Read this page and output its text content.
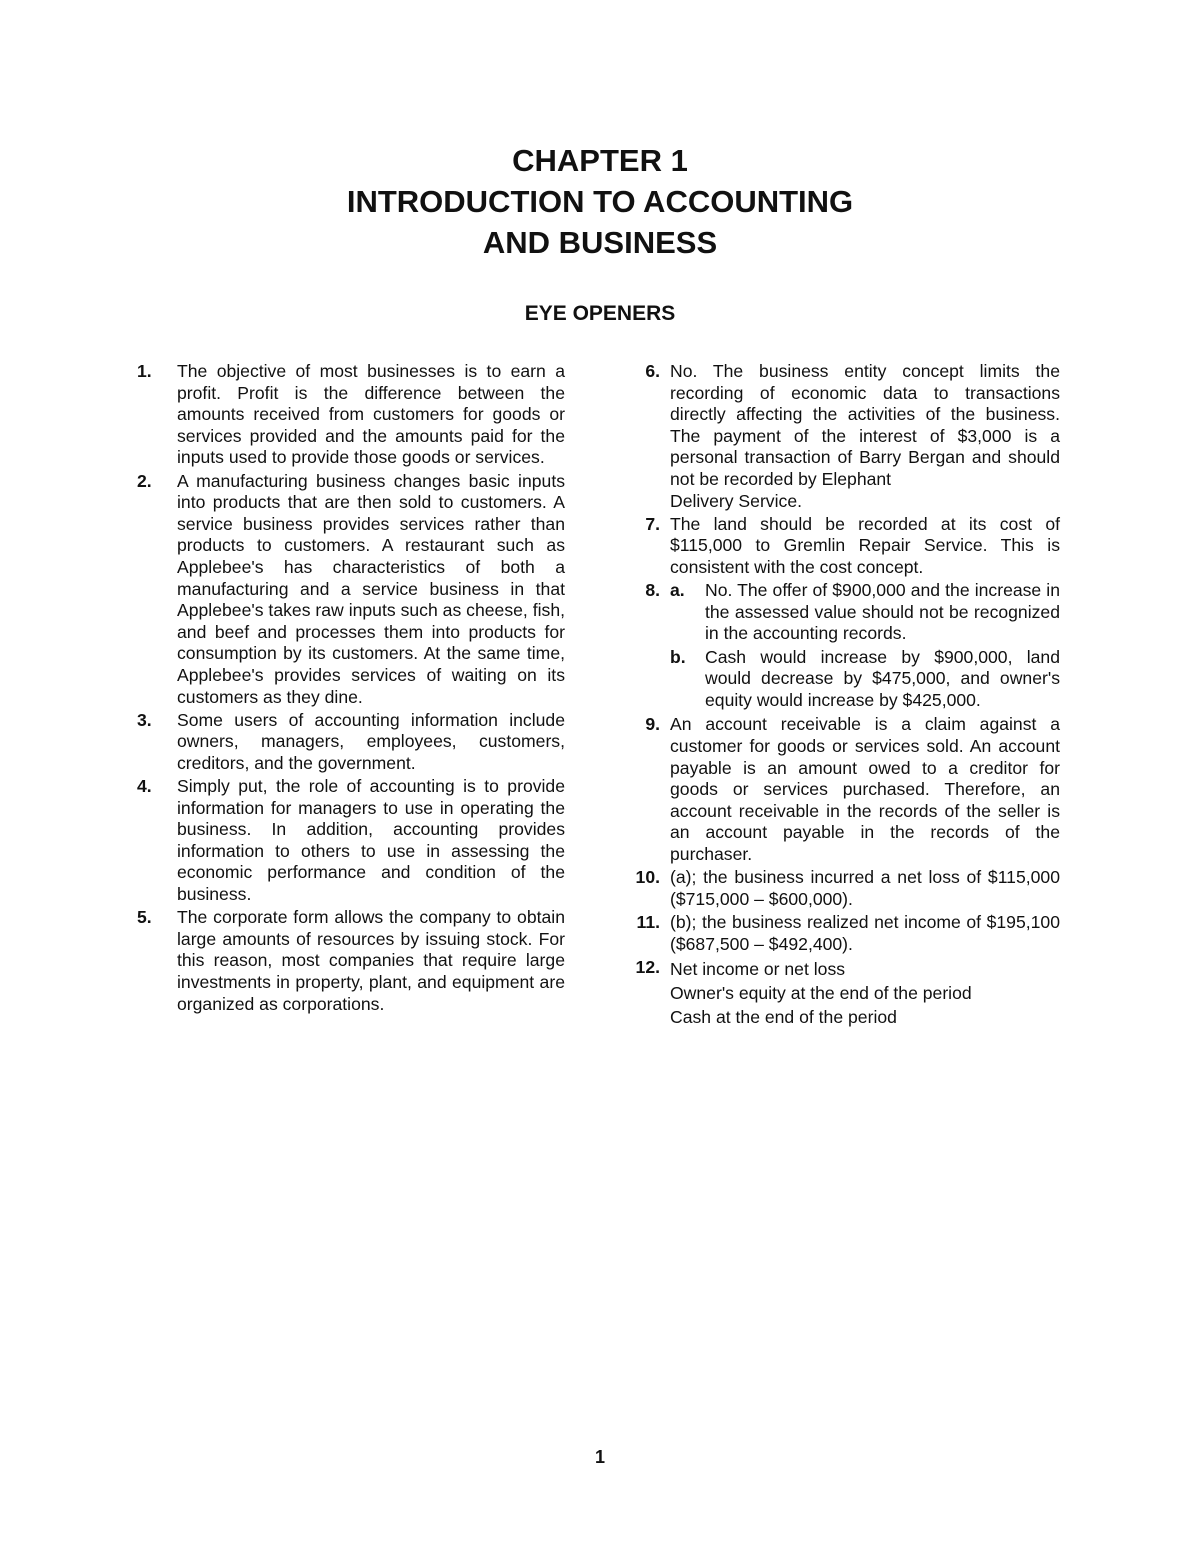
CHAPTER 1
INTRODUCTION TO ACCOUNTING
AND BUSINESS
EYE OPENERS
1.	The objective of most businesses is to earn a profit. Profit is the difference between the amounts received from customers for goods or services provided and the amounts paid for the inputs used to provide those goods or services.
2.	A manufacturing business changes basic inputs into products that are then sold to customers. A service business provides services rather than products to customers. A restaurant such as Applebee's has characteristics of both a manufacturing and a service business in that Applebee's takes raw inputs such as cheese, fish, and beef and processes them into products for consumption by its customers. At the same time, Applebee's provides services of waiting on its customers as they dine.
3.	Some users of accounting information include owners, managers, employees, customers, creditors, and the government.
4.	Simply put, the role of accounting is to provide information for managers to use in operating the business. In addition, accounting provides information to others to use in assessing the economic performance and condition of the business.
5.	The corporate form allows the company to obtain large amounts of resources by issuing stock. For this reason, most companies that require large investments in property, plant, and equipment are organized as corporations.
6. No. The business entity concept limits the recording of economic data to transactions directly affecting the activities of the business. The payment of the interest of $3,000 is a personal transaction of Barry Bergan and should not be recorded by Elephant
Delivery Service.
7. The land should be recorded at its cost of $115,000 to Gremlin Repair Service. This is consistent with the cost concept.
8. a.	No. The offer of $900,000 and the increase in the assessed value should not be recognized in the accounting records.
b.	Cash would increase by $900,000, land would decrease by $475,000, and owner's equity would increase by $425,000.
9. An account receivable is a claim against a customer for goods or services sold. An account payable is an amount owed to a creditor for goods or services purchased. Therefore, an account receivable in the records of the seller is an account payable in the records of the purchaser.
10. (a); the business incurred a net loss of $115,000 ($715,000 – $600,000).
11. (b); the business realized net income of $195,100 ($687,500 – $492,400).
12. Net income or net loss
Owner's equity at the end of the period
Cash at the end of the period
1
